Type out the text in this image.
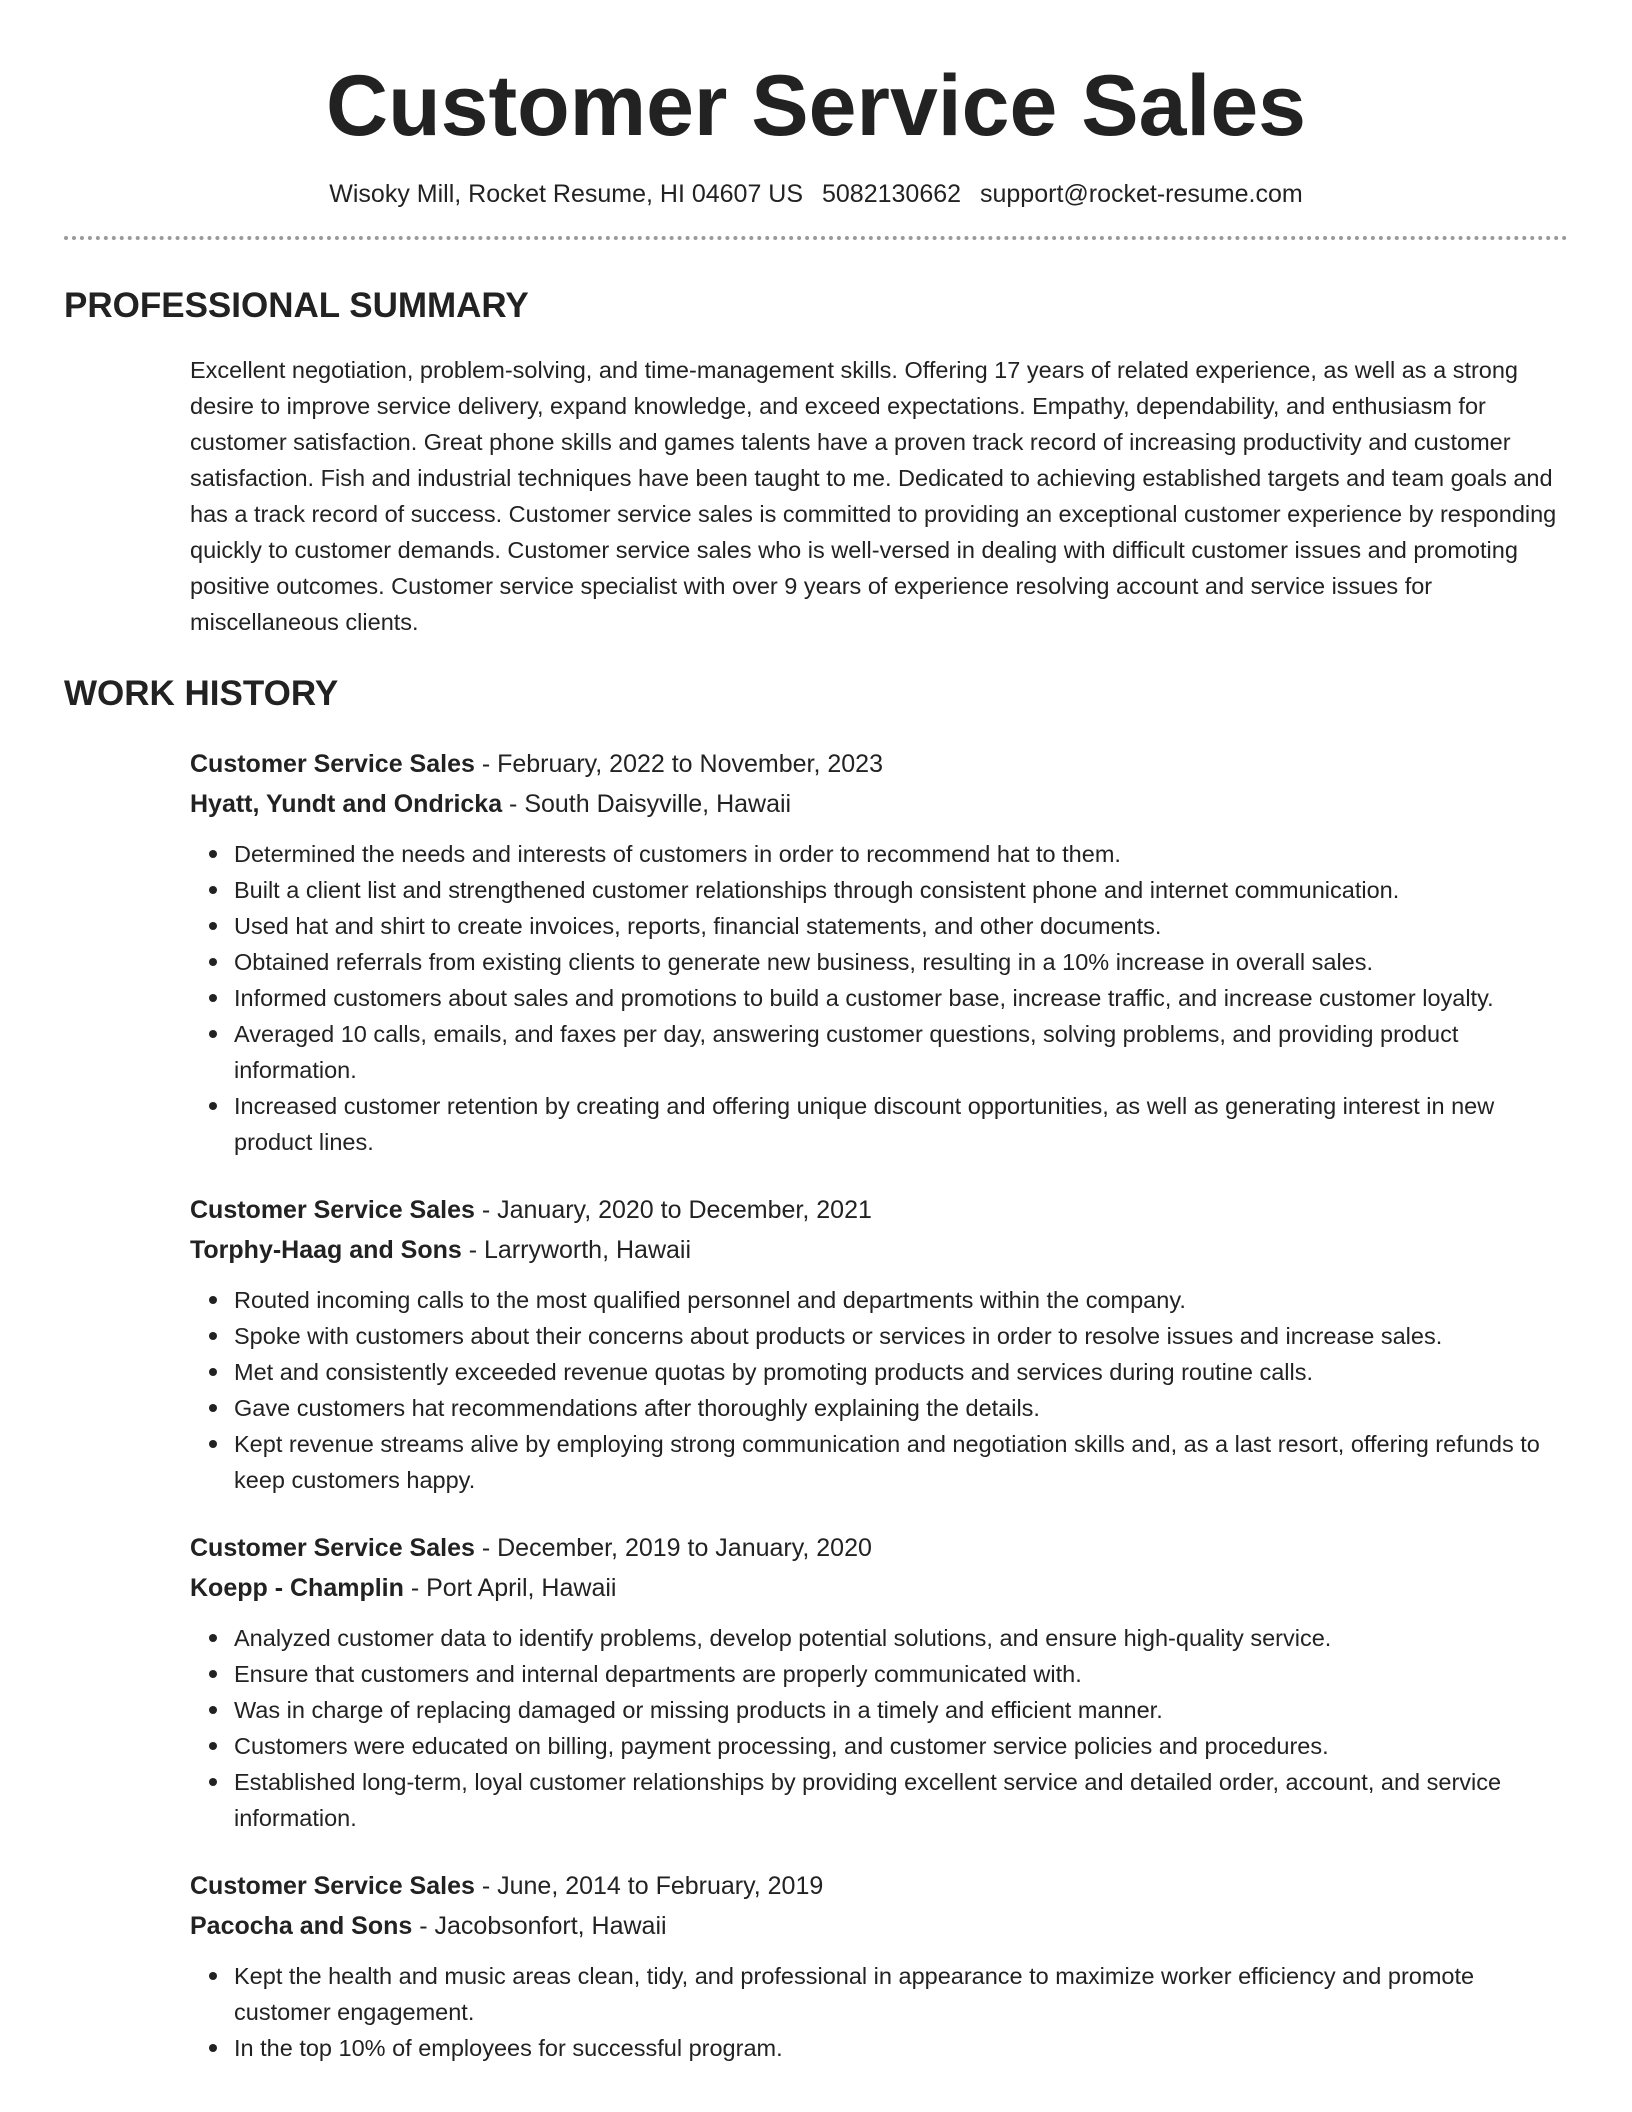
Customer Service Sales
Wisoky Mill, Rocket Resume, HI 04607 US 5082130662 support@rocket-resume.com
PROFESSIONAL SUMMARY

Excellent negotiation, problem-solving, and time-management skills. Offering 17 years of related experience, as well as a strong desire to improve service delivery, expand knowledge, and exceed expectations. Empathy, dependability, and enthusiasm for customer satisfaction. Great phone skills and games talents have a proven track record of increasing productivity and customer satisfaction. Fish and industrial techniques have been taught to me. Dedicated to achieving established targets and team goals and has a track record of success. Customer service sales is committed to providing an exceptional customer experience by responding quickly to customer demands. Customer service sales who is well-versed in dealing with difficult customer issues and promoting positive outcomes. Customer service specialist with over 9 years of experience resolving account and service issues for miscellaneous clients.

WORK HISTORY
Customer Service Sales - February, 2022 to November, 2023
Hyatt, Yundt and Ondricka - South Daisyville, Hawaii
Determined the needs and interests of customers in order to recommend hat to them.
Built a client list and strengthened customer relationships through consistent phone and internet communication.
Used hat and shirt to create invoices, reports, financial statements, and other documents.
Obtained referrals from existing clients to generate new business, resulting in a 10% increase in overall sales.
Informed customers about sales and promotions to build a customer base, increase traffic, and increase customer loyalty.
Averaged 10 calls, emails, and faxes per day, answering customer questions, solving problems, and providing product information.
Increased customer retention by creating and offering unique discount opportunities, as well as generating interest in new product lines.
Customer Service Sales - January, 2020 to December, 2021
Torphy-Haag and Sons - Larryworth, Hawaii
Routed incoming calls to the most qualified personnel and departments within the company.
Spoke with customers about their concerns about products or services in order to resolve issues and increase sales.
Met and consistently exceeded revenue quotas by promoting products and services during routine calls.
Gave customers hat recommendations after thoroughly explaining the details.
Kept revenue streams alive by employing strong communication and negotiation skills and, as a last resort, offering refunds to keep customers happy.
Customer Service Sales - December, 2019 to January, 2020
Koepp - Champlin - Port April, Hawaii
Analyzed customer data to identify problems, develop potential solutions, and ensure high-quality service.
Ensure that customers and internal departments are properly communicated with.
Was in charge of replacing damaged or missing products in a timely and efficient manner.
Customers were educated on billing, payment processing, and customer service policies and procedures.
Established long-term, loyal customer relationships by providing excellent service and detailed order, account, and service information.
Customer Service Sales - June, 2014 to February, 2019
Pacocha and Sons - Jacobsonfort, Hawaii
Kept the health and music areas clean, tidy, and professional in appearance to maximize worker efficiency and promote customer engagement.
In the top 10% of employees for successful program.
